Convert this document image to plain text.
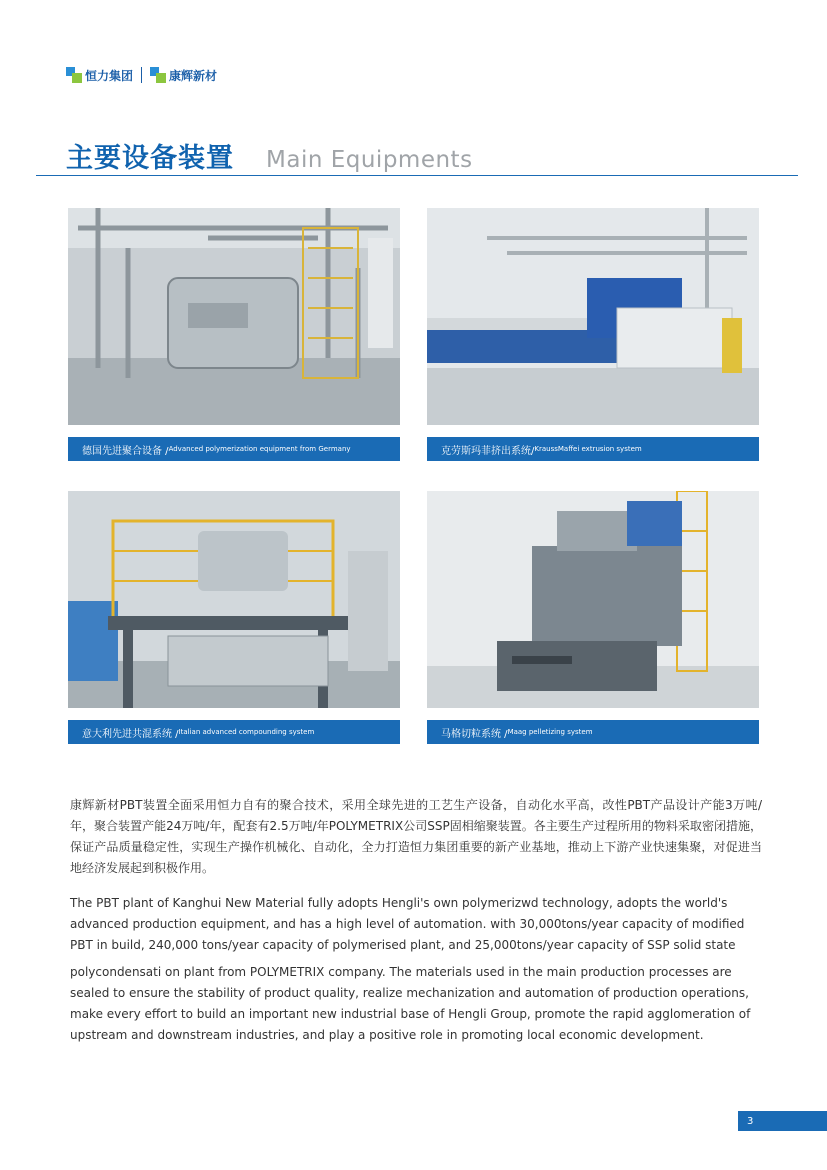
恒力集团	康辉新材
主要设备装置 Main Equipments
德国先进聚合设备 / Advanced polymerization equipment from Germany	克劳斯玛菲挤出系统/ KraussMaffei extrusion system
意大利先进共混系统 / Italian advanced compounding system	马格切粒系统 / Maag pelletizing system

康辉新材PBT装置全面采用恒力自有的聚合技术，采用全球先进的工艺生产设备，自动化水平高，改性PBT产品设计产能3万吨/年，聚合装置产能24万吨/年，配套有2.5万吨/年POLYMETRIX公司SSP固相缩聚装置。各主要生产过程所用的物料采取密闭措施，保证产品质量稳定性，实现生产操作机械化、自动化，全力打造恒力集团重要的新产业基地，推动上下游产业快速集聚，对促进当地经济发展起到积极作用。

The PBT plant of Kanghui New Material fully adopts Hengli's own polymerizwd technology, adopts the world's advanced production equipment, and has a high level of automation. with 30,000tons/year capacity of modified PBT in build, 240,000 tons/year capacity of polymerised plant, and 25,000tons/year capacity of SSP solid state

polycondensati on plant from POLYMETRIX company. The materials used in the main production processes are sealed to ensure the stability of product quality, realize mechanization and automation of production operations, make every effort to build an important new industrial base of Hengli Group, promote the rapid agglomeration of upstream and downstream industries, and play a positive role in promoting local economic development.

3
